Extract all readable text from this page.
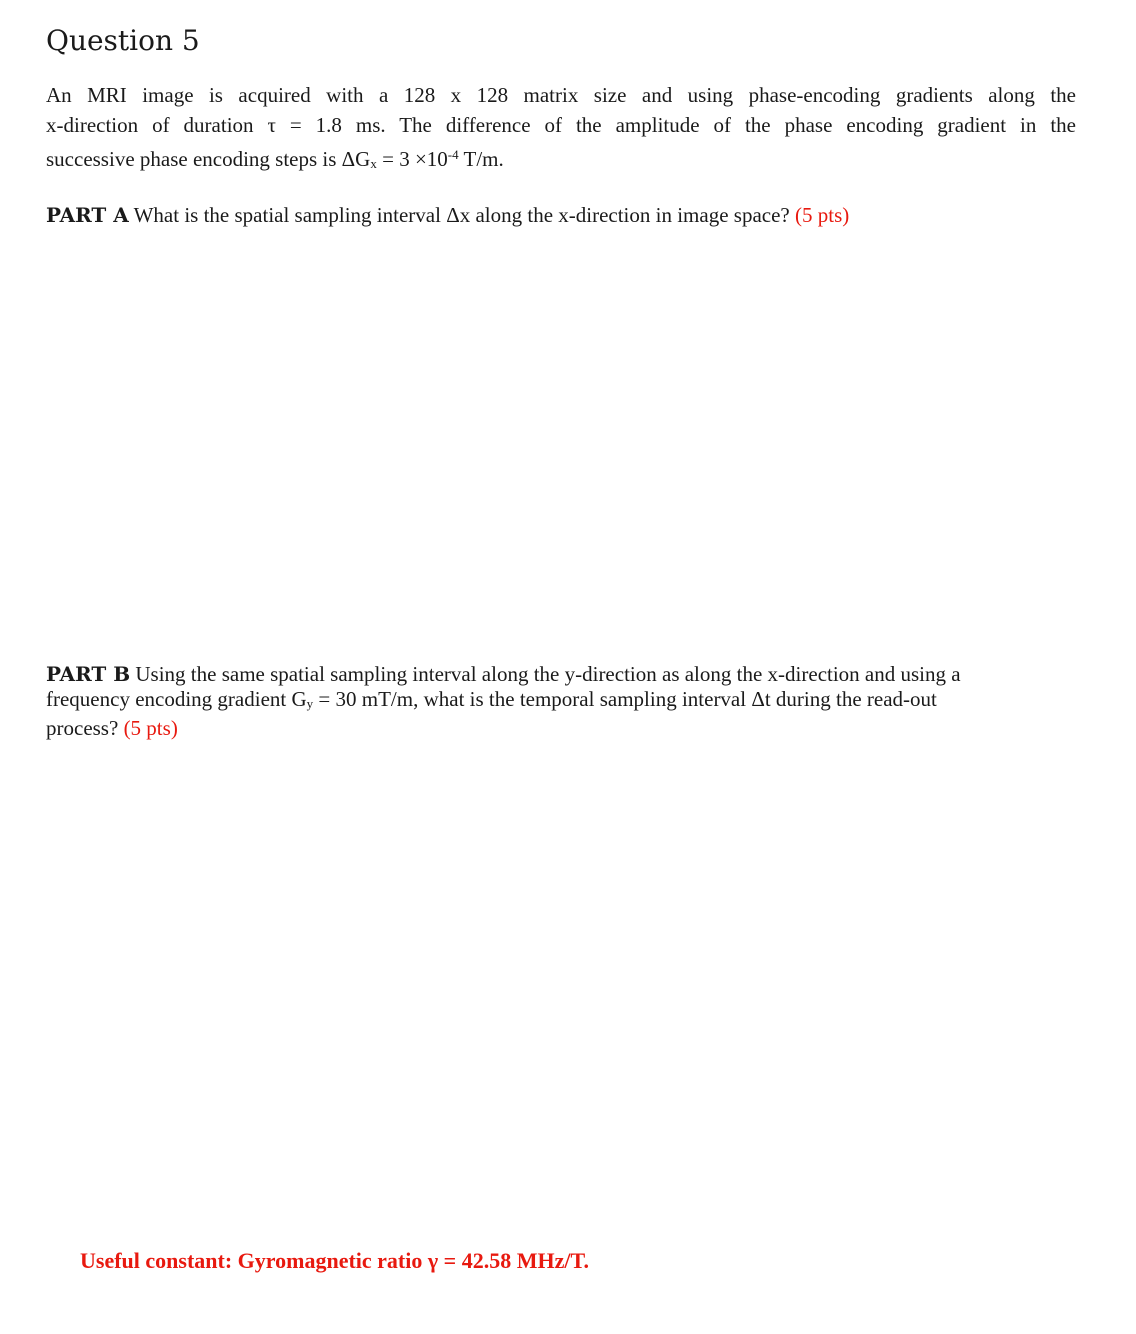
Question 5
An MRI image is acquired with a 128 x 128 matrix size and using phase-encoding gradients along the
x-direction of duration τ = 1.8 ms. The difference of the amplitude of the phase encoding gradient in the
successive phase encoding steps is $\Delta G_x = 3 \times 10^{-4}$ T/m.
PART A What is the spatial sampling interval Δx along the x-direction in image space? (5 pts)
PART B Using the same spatial sampling interval along the y-direction as along the x-direction and using a
frequency encoding gradient $G_y = 30$ mT/m, what is the temporal sampling interval Δt during the read-out
process? (5 pts)
Useful constant: Gyromagnetic ratio γ = 42.58 MHz/T.
